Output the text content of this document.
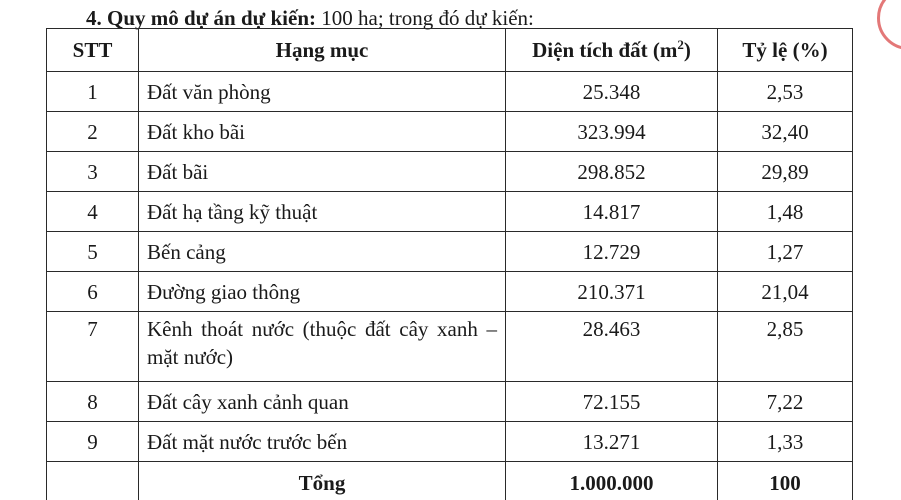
4. Quy mô dự án dự kiến: 100 ha; trong đó dự kiến:
STT	Hạng mục	Diện tích đất $(m^2)$	Tỷ lệ (%)
1	Đất văn phòng	25.348	2,53
2	Đất kho bãi	323.994	32,40
3	Đất bãi	298.852	29,89
4	Đất hạ tầng kỹ thuật	14.817	1,48
5	Bến cảng	12.729	1,27
6	Đường giao thông	210.371	21,04
7	Kênh thoát nước (thuộc đất cây xanh – mặt nước)	28.463	2,85
8	Đất cây xanh cảnh quan	72.155	7,22
9	Đất mặt nước trước bến	13.271	1,33
	Tổng	1.000.000	100
